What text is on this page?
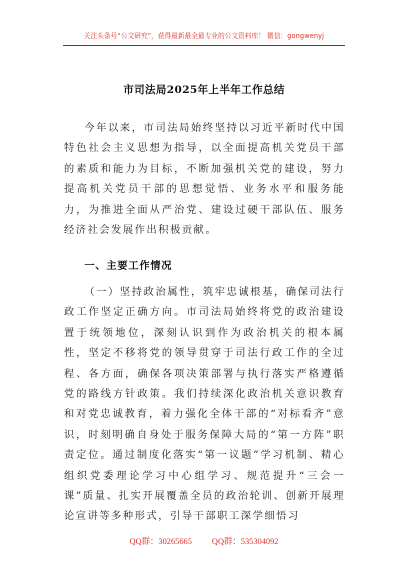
关注头条号“公文研究”，获得最新最全最专业的公文资料库！ 微信：gongwenyj
市司法局2025年上半年工作总结
今年以来，市司法局始终坚持以习近平新时代中国特色社会主义思想为指导，以全面提高机关党员干部的素质和能力为目标，不断加强机关党的建设，努力提高机关党员干部的思想觉悟、业务水平和服务能力，为推进全面从严治党、建设过硬干部队伍、服务经济社会发展作出积极贡献。
一、主要工作情况
（一）坚持政治属性，筑牢忠诚根基，确保司法行政工作坚定正确方向。市司法局始终将党的政治建设置于统领地位，深刻认识到作为政治机关的根本属性，坚定不移将党的领导贯穿于司法行政工作的全过程、各方面，确保各项决策部署与执行落实严格遵循党的路线方针政策。我们持续深化政治机关意识教育和对党忠诚教育，着力强化全体干部的“对标看齐”意识，时刻明确自身处于服务保障大局的“第一方阵”职责定位。通过制度化落实“第一议题”学习机制、精心组织党委理论学习中心组学习、规范提升“三会一课”质量、扎实开展覆盖全员的政治轮训、创新开展理论宣讲等多种形式，引导干部职工深学细悟习
QQ群：30265665 QQ群：535304092
